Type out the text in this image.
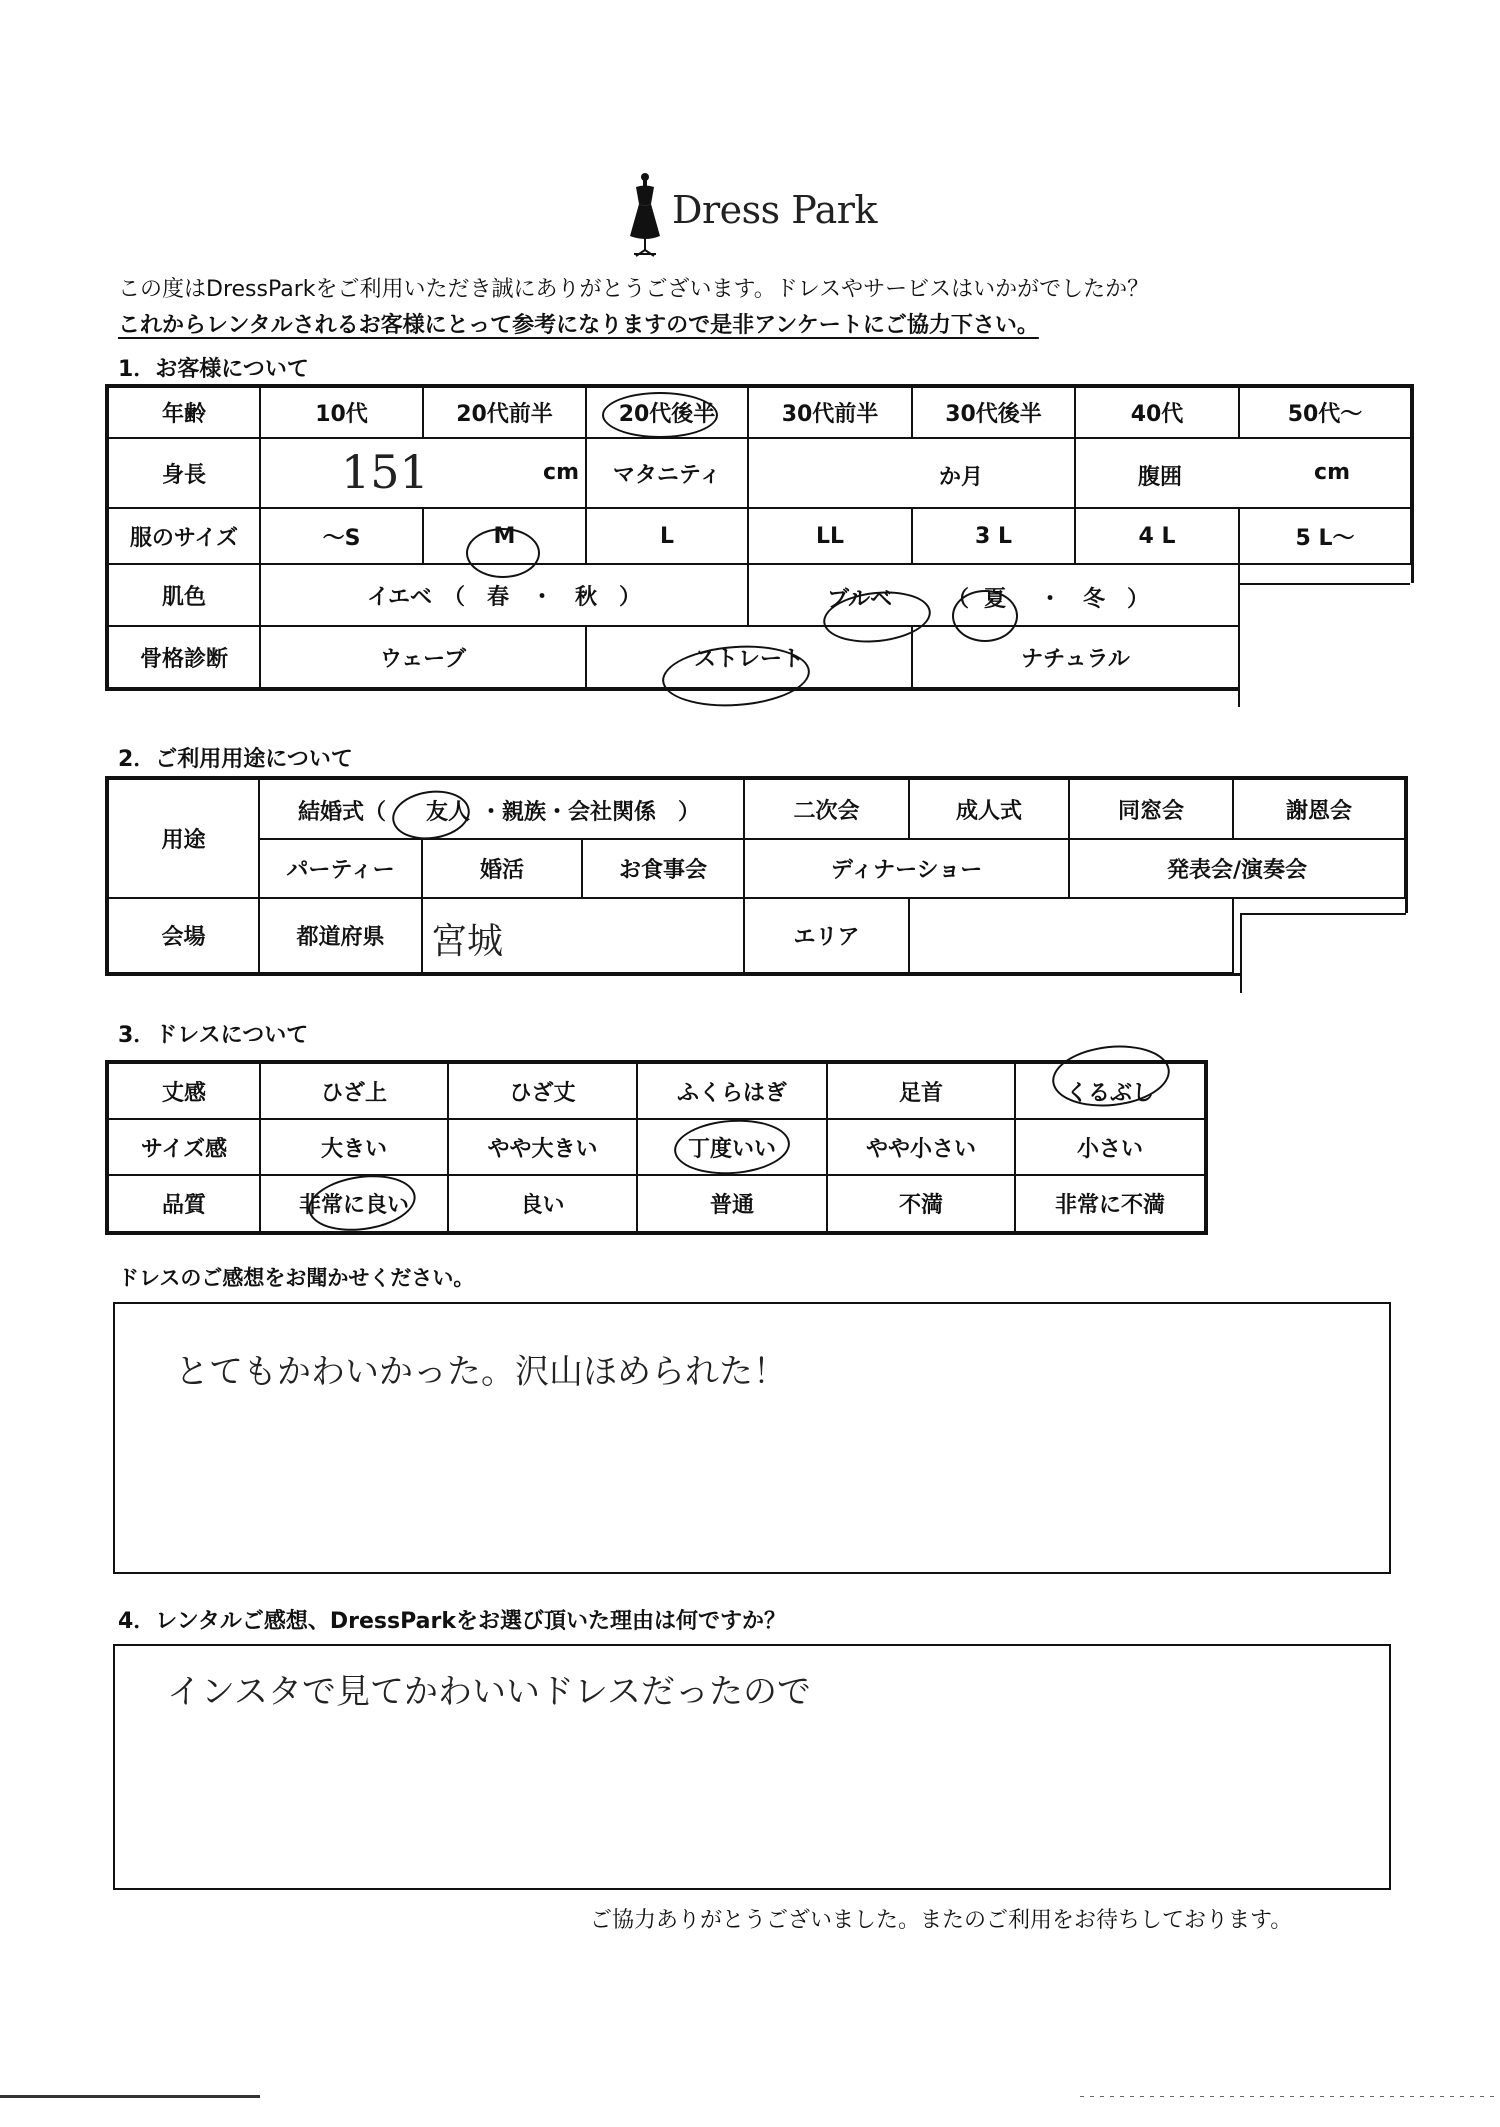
Dress Park
この度はDressParkをご利用いただき誠にありがとうございます。ドレスやサービスはいかがでしたか？
これからレンタルされるお客様にとって参考になりますので是非アンケートにご協力下さい。
1．お客様について
年齢	10代	20代前半	20代後半	30代前半	30代後半	40代	50代～
身長	151 cm		マタニティ	か月		腹囲 cm	

服のサイズ	～S	M	L	LL	3 L	4 L	5 L～
肌色	イエベ　（　春　・　秋　）			ブルベ （ 夏 ・　冬　）			

骨格診断	ウェーブ		ストレート		ナチュラル		
2．ご利用用途について
用途	結婚式（ 友人 ・親族・会社関係　）			二次会	成人式	同窓会	謝恩会
	パーティー	婚活	お食事会	ディナーショー		発表会/演奏会	
会場	都道府県	宮城		エリア			
3．ドレスについて
丈感	ひざ上	ひざ丈	ふくらはぎ	足首	くるぶし
サイズ感	大きい	やや大きい	丁度いい	やや小さい	小さい
品質	非常に良い	良い	普通	不満	非常に不満
ドレスのご感想をお聞かせください。
とてもかわいかった。沢山ほめられた！
4．レンタルご感想、DressParkをお選び頂いた理由は何ですか？
インスタで見てかわいいドレスだったので
ご協力ありがとうございました。またのご利用をお待ちしております。
